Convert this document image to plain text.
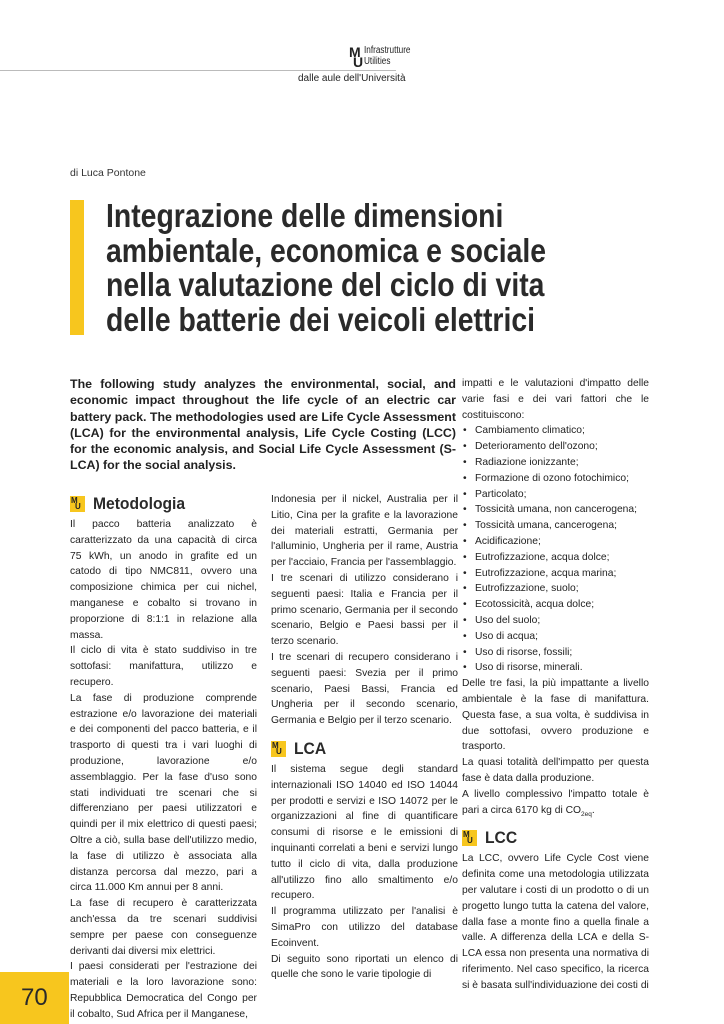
M
U
Infrastrutture
Utilities
dalle aule dell'Università
di Luca Pontone
Integrazione delle dimensioni
ambientale, economica e sociale
nella valutazione del ciclo di vita
delle batterie dei veicoli elettrici

The following study analyzes the environmental, social, and economic impact throughout the life cycle of an electric car battery pack. The methodologies used are Life Cycle Assessment (LCA) for the environmental analysis, Life Cycle Costing (LCC) for the economic analysis, and Social Life Cycle Assessment (S-LCA) for the social analysis.

M
U Metodologia

Il pacco batteria analizzato è caratterizzato da una capacità di circa 75 kWh, un anodo in grafite ed un catodo di tipo NMC811, ovvero una composizione chimica per cui nichel, manganese e cobalto si trovano in proporzione di 8:1:1 in relazione alla massa.

Il ciclo di vita è stato suddiviso in tre sottofasi: manifattura, utilizzo e recupero.

La fase di produzione comprende estrazione e/o lavorazione dei materiali e dei componenti del pacco batteria, e il trasporto di questi tra i vari luoghi di produzione, lavorazione e/o assemblaggio. Per la fase d'uso sono stati individuati tre scenari che si differenziano per paesi utilizzatori e quindi per il mix elettrico di questi paesi; Oltre a ciò, sulla base dell'utilizzo medio, la fase di utilizzo è associata alla distanza percorsa dal mezzo, pari a circa 11.000 Km annui per 8 anni.

La fase di recupero è caratterizzata anch'essa da tre scenari suddivisi sempre per paese con conseguenze derivanti dai diversi mix elettrici.

I paesi considerati per l'estrazione dei materiali e la loro lavorazione sono: Repubblica Democratica del Congo per il cobalto, Sud Africa per il Manganese,

Indonesia per il nickel, Australia per il Litio, Cina per la grafite e la lavorazione dei materiali estratti, Germania per l'alluminio, Ungheria per il rame, Austria per l'acciaio, Francia per l'assemblaggio.

I tre scenari di utilizzo considerano i seguenti paesi: Italia e Francia per il primo scenario, Germania per il secondo scenario, Belgio e Paesi bassi per il terzo scenario.

I tre scenari di recupero considerano i seguenti paesi: Svezia per il primo scenario, Paesi Bassi, Francia ed Ungheria per il secondo scenario, Germania e Belgio per il terzo scenario.

M
U LCA

Il sistema segue degli standard internazionali ISO 14040 ed ISO 14044 per prodotti e servizi e ISO 14072 per le organizzazioni al fine di quantificare consumi di risorse e le emissioni di inquinanti correlati a beni e servizi lungo tutto il ciclo di vita, dalla produzione all'utilizzo fino allo smaltimento e/o recupero.

Il programma utilizzato per l'analisi è SimaPro con utilizzo del database Ecoinvent.

Di seguito sono riportati un elenco di quelle che sono le varie tipologie di

impatti e le valutazioni d'impatto delle varie fasi e dei vari fattori che le costituiscono:

• Cambiamento climatico;
• Deterioramento dell'ozono;
• Radiazione ionizzante;
• Formazione di ozono fotochimico;
• Particolato;
• Tossicità umana, non cancerogena;
• Tossicità umana, cancerogena;
• Acidificazione;
• Eutrofizzazione, acqua dolce;
• Eutrofizzazione, acqua marina;
• Eutrofizzazione, suolo;
• Ecotossicità, acqua dolce;
• Uso del suolo;
• Uso di acqua;
• Uso di risorse, fossili;
• Uso di risorse, minerali.

Delle tre fasi, la più impattante a livello ambientale è la fase di manifattura. Questa fase, a sua volta, è suddivisa in due sottofasi, ovvero produzione e trasporto.

La quasi totalità dell'impatto per questa fase è data dalla produzione.

A livello complessivo l'impatto totale è pari a circa 6170 kg di $CO_{2eq}$.

M
U LCC

La LCC, ovvero Life Cycle Cost viene definita come una metodologia utilizzata per valutare i costi di un prodotto o di un progetto lungo tutta la catena del valore, dalla fase a monte fino a quella finale a valle. A differenza della LCA e della S-LCA essa non presenta una normativa di riferimento. Nel caso specifico, la ricerca si è basata sull'individuazione dei costi di

70
